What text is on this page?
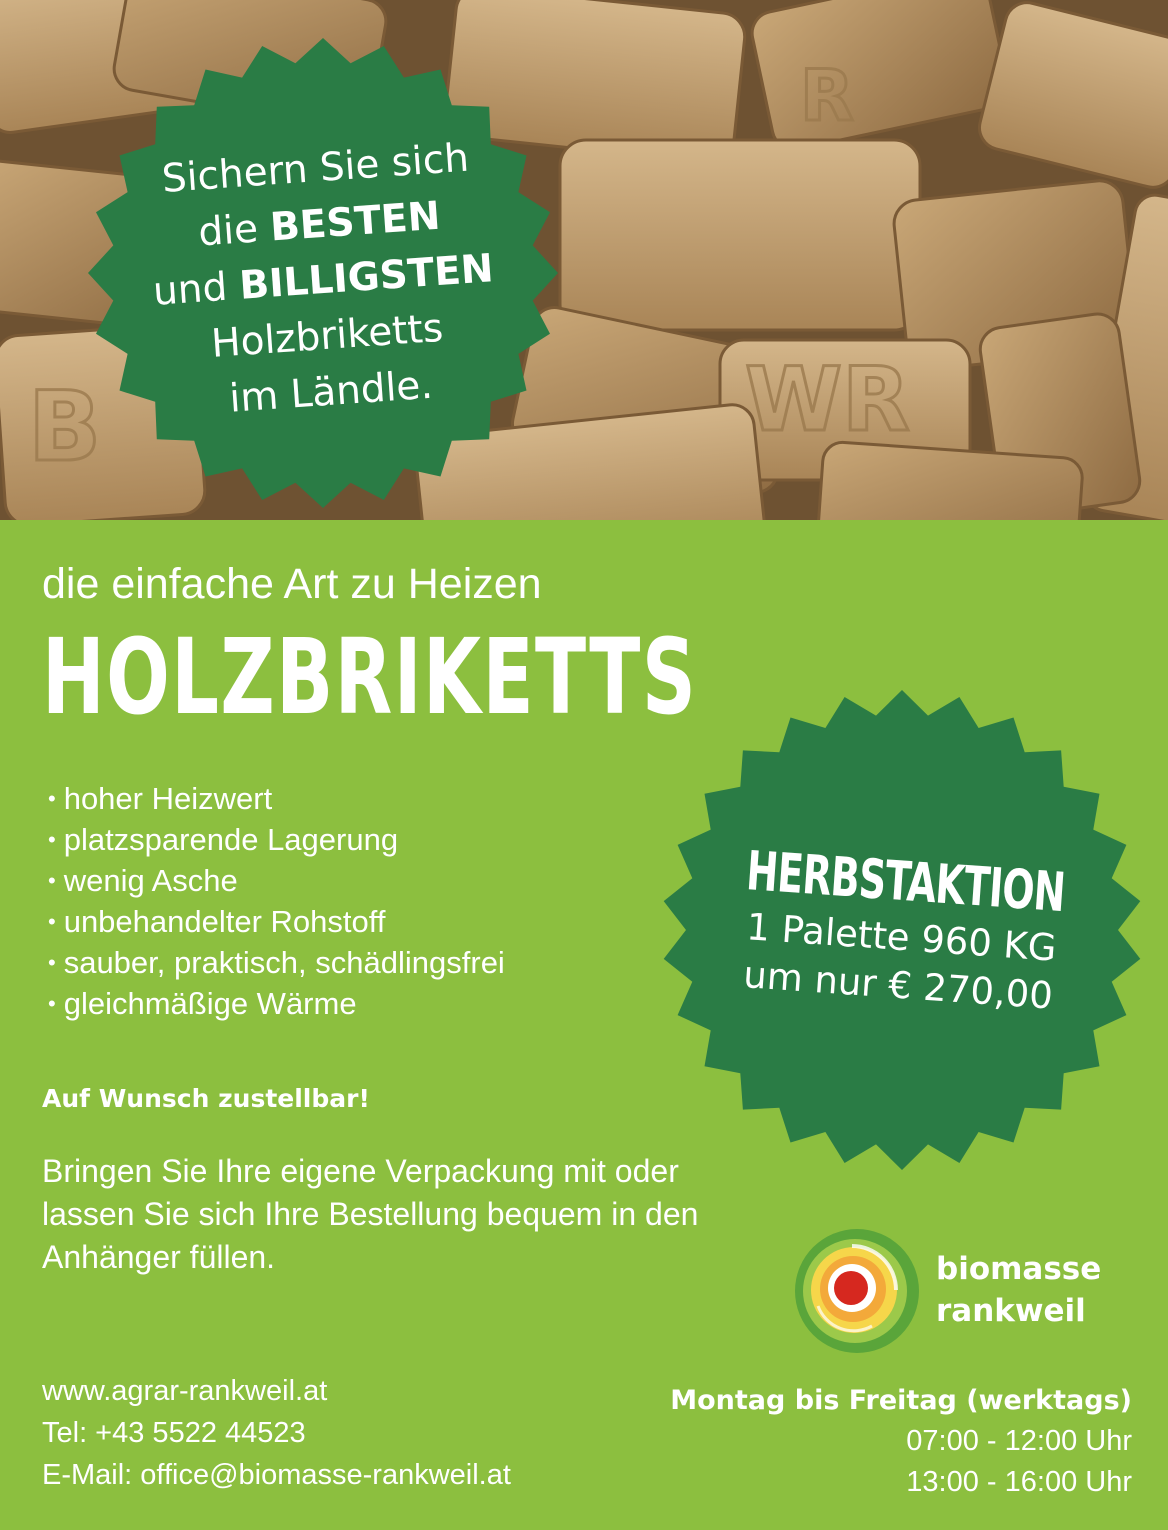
WR
B
R
Sichern Sie sich
die BESTEN
und BILLIGSTEN
Holzbriketts
im Ländle.
die einfache Art zu Heizen
HOLZBRIKETTS
• hoher Heizwert
• platzsparende Lagerung
• wenig Asche
• unbehandelter Rohstoff
• sauber, praktisch, schädlingsfrei
• gleichmäßige Wärme
HERBSTAKTION
1 Palette 960 KG
um nur € 270,00
Auf Wunsch zustellbar!
Bringen Sie Ihre eigene Verpackung mit oder lassen Sie sich Ihre Bestellung bequem in den Anhänger füllen.	biomasse
rankweil
www.agrar-rankweil.at
Tel: +43 5522 44523
E-Mail: office@biomasse-rankweil.at
Montag bis Freitag (werktags)
07:00 - 12:00 Uhr
13:00 - 16:00 Uhr
